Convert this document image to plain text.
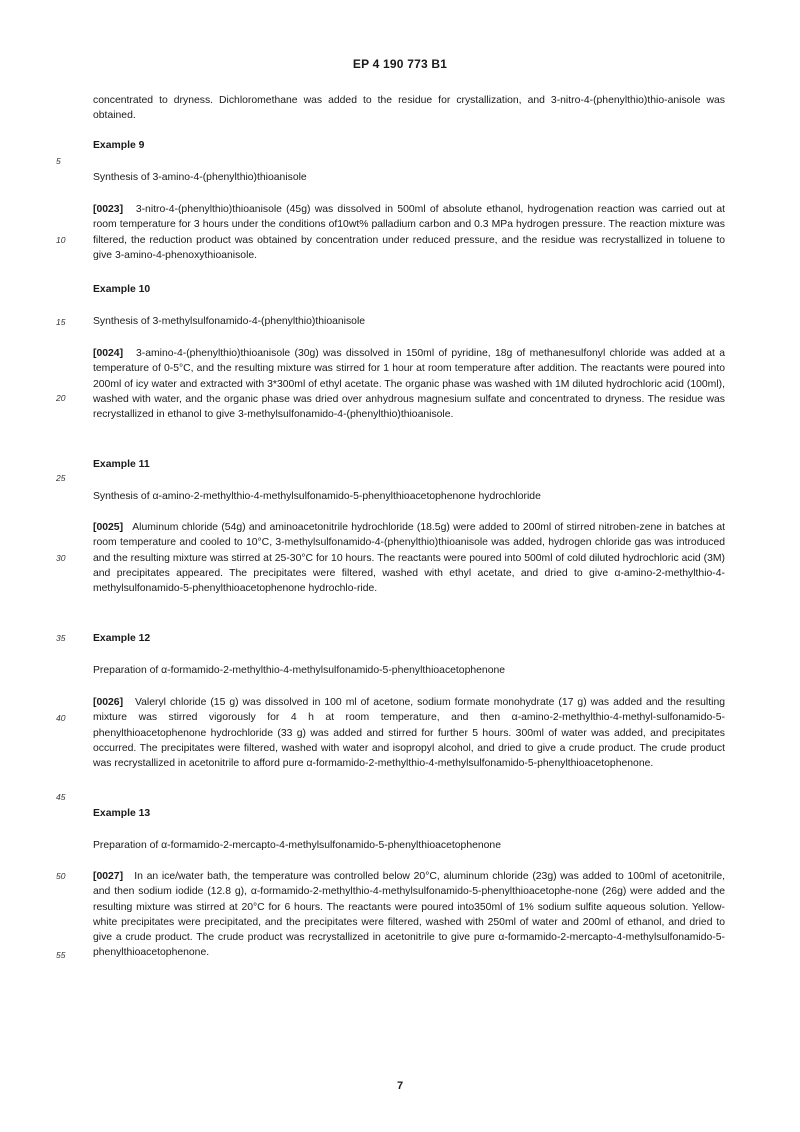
EP 4 190 773 B1
5
10
15
20
25
30
35
40
45
50
55

concentrated to dryness. Dichloromethane was added to the residue for crystallization, and 3-nitro-4-(phenylthio)thio-anisole was obtained.

Example 9

Synthesis of 3-amino-4-(phenylthio)thioanisole

[0023] 3-nitro-4-(phenylthio)thioanisole (45g) was dissolved in 500ml of absolute ethanol, hydrogenation reaction was carried out at room temperature for 3 hours under the conditions of10wt% palladium carbon and 0.3 MPa hydrogen pressure. The reaction mixture was filtered, the reduction product was obtained by concentration under reduced pressure, and the residue was recrystallized in toluene to give 3-amino-4-phenoxythioanisole.

Example 10

Synthesis of 3-methylsulfonamido-4-(phenylthio)thioanisole

[0024] 3-amino-4-(phenylthio)thioanisole (30g) was dissolved in 150ml of pyridine, 18g of methanesulfonyl chloride was added at a temperature of 0-5°C, and the resulting mixture was stirred for 1 hour at room temperature after addition. The reactants were poured into 200ml of icy water and extracted with 3*300ml of ethyl acetate. The organic phase was washed with 1M diluted hydrochloric acid (100ml), washed with water, and the organic phase was dried over anhydrous magnesium sulfate and concentrated to dryness. The residue was recrystallized in ethanol to give 3-methylsulfonamido-4-(phenylthio)thioanisole.

Example 11

Synthesis of α-amino-2-methylthio-4-methylsulfonamido-5-phenylthioacetophenone hydrochloride

[0025] Aluminum chloride (54g) and aminoacetonitrile hydrochloride (18.5g) were added to 200ml of stirred nitroben-zene in batches at room temperature and cooled to 10°C, 3-methylsulfonamido-4-(phenylthio)thioanisole was added, hydrogen chloride gas was introduced and the resulting mixture was stirred at 25-30°C for 10 hours. The reactants were poured into 500ml of cold diluted hydrochloric acid (3M) and precipitates appeared. The precipitates were filtered, washed with ethyl acetate, and dried to give α-amino-2-methylthio-4-methylsulfonamido-5-phenylthioacetophenone hydrochlo-ride.

Example 12

Preparation of α-formamido-2-methylthio-4-methylsulfonamido-5-phenylthioacetophenone

[0026] Valeryl chloride (15 g) was dissolved in 100 ml of acetone, sodium formate monohydrate (17 g) was added and the resulting mixture was stirred vigorously for 4 h at room temperature, and then α-amino-2-methylthio-4-methyl-sulfonamido-5-phenylthioacetophenone hydrochloride (33 g) was added and stirred for further 5 hours. 300ml of water was added, and precipitates occurred. The precipitates were filtered, washed with water and isopropyl alcohol, and dried to give a crude product. The crude product was recrystallized in acetonitrile to afford pure α-formamido-2-methylthio-4-methylsulfonamido-5-phenylthioacetophenone.

Example 13

Preparation of α-formamido-2-mercapto-4-methylsulfonamido-5-phenylthioacetophenone

[0027] In an ice/water bath, the temperature was controlled below 20°C, aluminum chloride (23g) was added to 100ml of acetonitrile, and then sodium iodide (12.8 g), α-formamido-2-methylthio-4-methylsulfonamido-5-phenylthioacetophe-none (26g) were added and the resulting mixture was stirred at 20°C for 6 hours. The reactants were poured into350ml of 1% sodium sulfite aqueous solution. Yellow-white precipitates were precipitated, and the precipitates were filtered, washed with 250ml of water and 200ml of ethanol, and dried to give a crude product. The crude product was recrystallized in acetonitrile to give pure α-formamido-2-mercapto-4-methylsulfonamido-5-phenylthioacetophenone.

7
